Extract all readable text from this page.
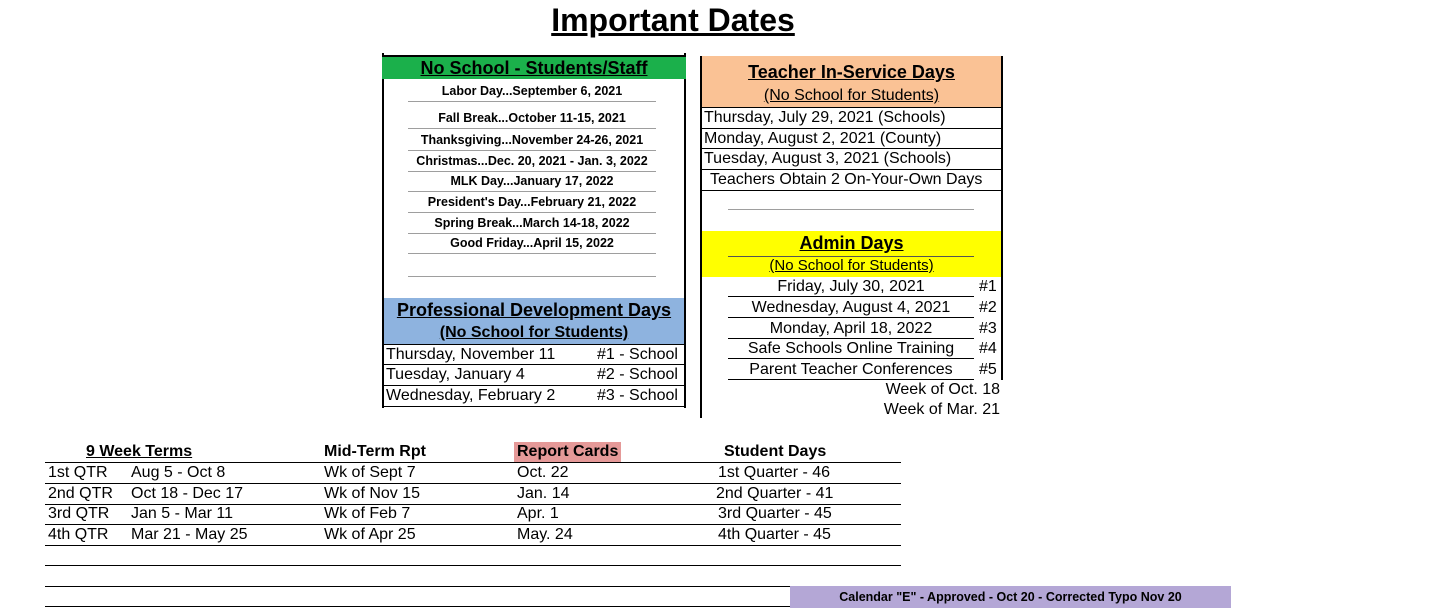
Important Dates
No School - Students/Staff
Labor Day...September 6, 2021
Fall Break...October 11-15, 2021
Thanksgiving...November 24-26, 2021
Christmas...Dec. 20, 2021 - Jan. 3, 2022
MLK Day...January 17, 2022
President's Day...February 21, 2022
Spring Break...March 14-18, 2022
Good Friday...April 15, 2022
Professional Development Days
(No School for Students)
Thursday, November 11	#1 - School
Tuesday, January 4	#2 - School
Wednesday, February 2	#3 - School
Teacher In-Service Days
(No School for Students)
Thursday, July 29, 2021 (Schools)
Monday, August 2, 2021 (County)
Tuesday, August 3, 2021 (Schools)
Teachers Obtain 2 On-Your-Own Days
Admin Days
(No School for Students)
Friday, July 30, 2021	#1
Wednesday, August 4, 2021	#2
Monday, April 18, 2022	#3
Safe Schools Online Training	#4
Parent Teacher Conferences	#5
Week of Oct. 18
Week of Mar. 21
9 Week Terms	Mid-Term Rpt	Report Cards	Student Days
1st QTR Aug 5 - Oct 8	Wk of Sept 7	Oct. 22	1st Quarter - 46
2nd QTR Oct 18 - Dec 17	Wk of Nov 15	Jan. 14	2nd Quarter - 41
3rd QTR Jan 5 - Mar 11	Wk of Feb 7	Apr. 1	3rd Quarter - 45
4th QTR Mar 21 - May 25	Wk of Apr 25	May. 24	4th Quarter - 45
Calendar "E" - Approved - Oct 20 - Corrected Typo Nov 20
